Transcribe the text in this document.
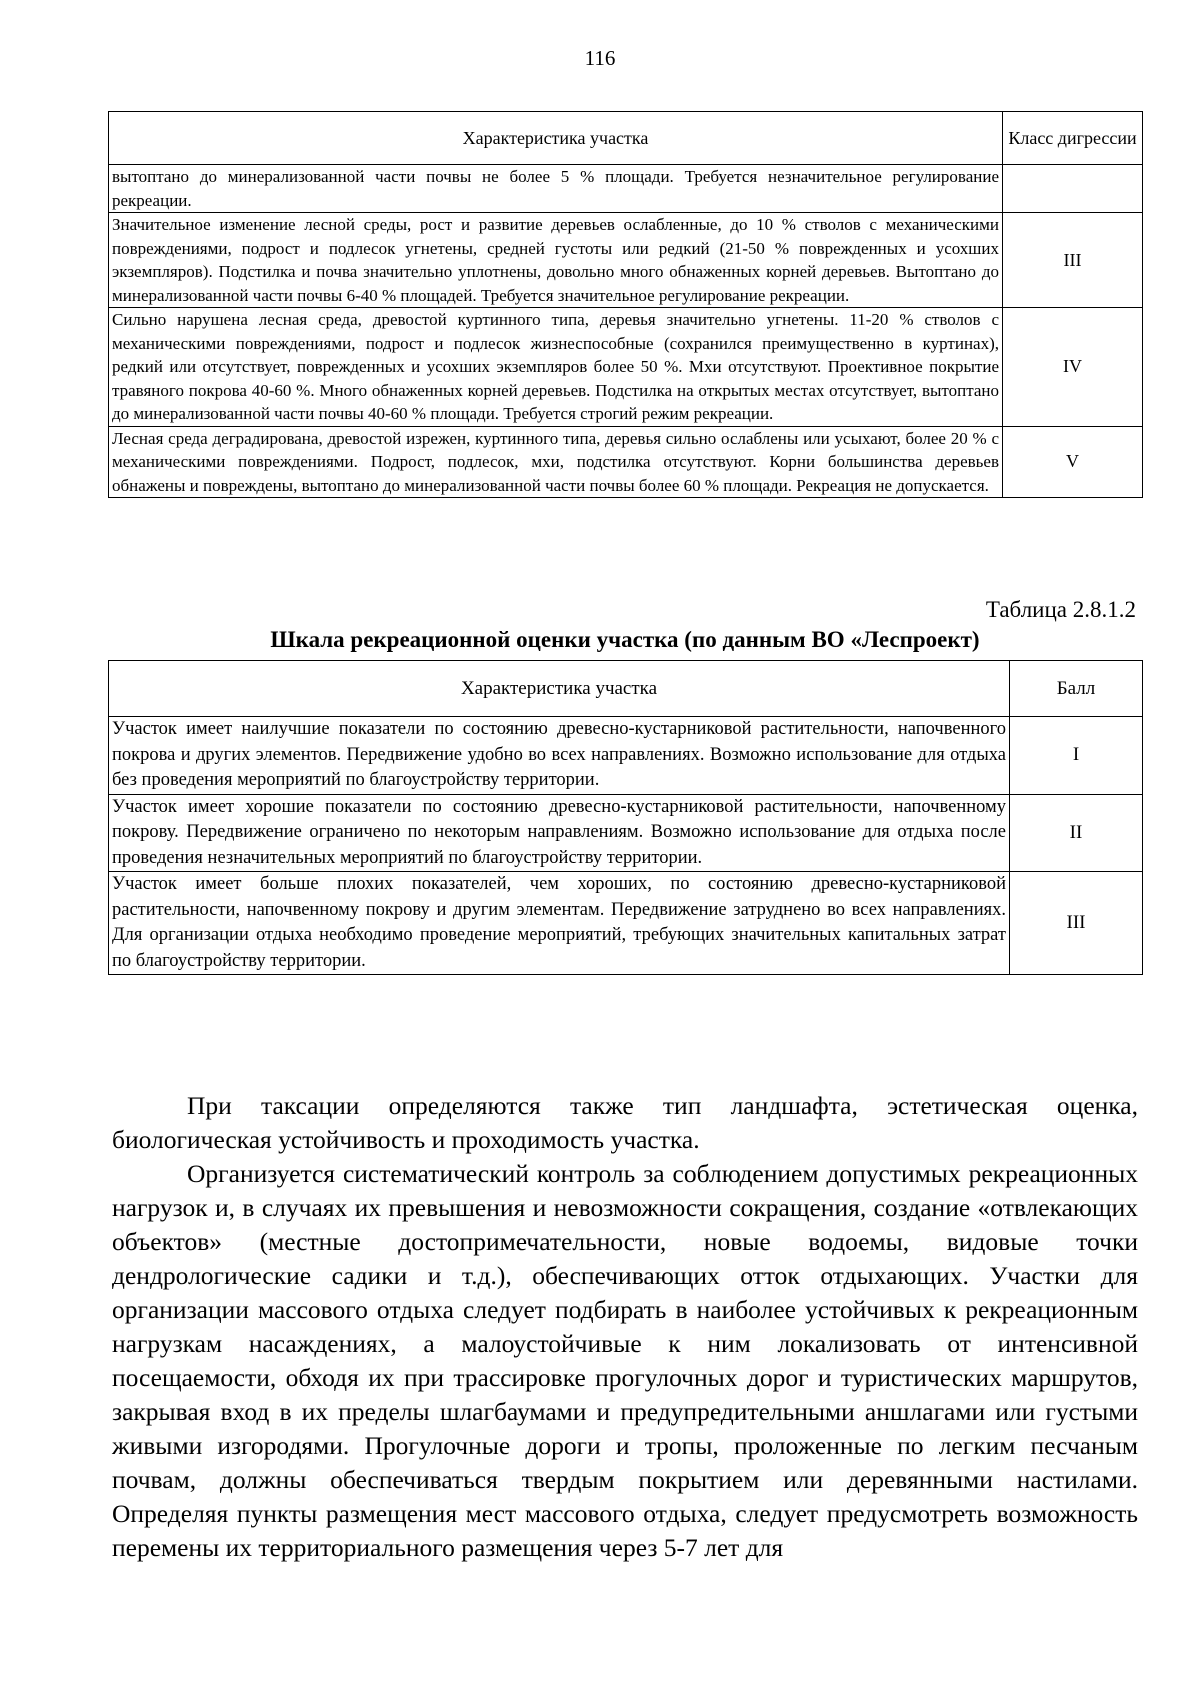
116
Характеристика участка	Класс дигрессии
вытоптано до минерализованной части почвы не более 5 % площади. Требуется незначительное регулирование рекреации.	
Значительное изменение лесной среды, рост и развитие деревьев ослабленные, до 10 % стволов с механическими повреждениями, подрост и подлесок угнетены, средней густоты или редкий (21-50 % поврежденных и усохших экземпляров). Подстилка и почва значительно уплотнены, довольно много обнаженных корней деревьев. Вытоптано до минерализованной части почвы 6-40 % площадей. Требуется значительное регулирование рекреации.	III
Сильно нарушена лесная среда, древостой куртинного типа, деревья значительно угнетены. 11-20 % стволов с механическими повреждениями, подрост и подлесок жизнеспособные (сохранился преимущественно в куртинах), редкий или отсутствует, поврежденных и усохших экземпляров более 50 %. Мхи отсутствуют. Проективное покрытие травяного покрова 40-60 %. Много обнаженных корней деревьев. Подстилка на открытых местах отсутствует, вытоптано до минерализованной части почвы 40-60 % площади. Требуется строгий режим рекреации.	IV
Лесная среда деградирована, древостой изрежен, куртинного типа, деревья сильно ослаблены или усыхают, более 20 % с механическими повреждениями. Подрост, подлесок, мхи, подстилка отсутствуют. Корни большинства деревьев обнажены и повреждены, вытоптано до минерализованной части почвы более 60 % площади. Рекреация не допускается.	V
Таблица 2.8.1.2
Шкала рекреационной оценки участка (по данным ВО «Леспроект)
Характеристика участка	Балл
Участок имеет наилучшие показатели по состоянию древесно-кустарниковой растительности, напочвенного покрова и других элементов. Передвижение удобно во всех направлениях. Возможно использование для отдыха без проведения мероприятий по благоустройству территории.	I
Участок имеет хорошие показатели по состоянию древесно-кустарниковой растительности, напочвенному покрову. Передвижение ограничено по некоторым направлениям. Возможно использование для отдыха после проведения незначительных мероприятий по благоустройству территории.	II
Участок имеет больше плохих показателей, чем хороших, по состоянию древесно-кустарниковой растительности, напочвенному покрову и другим элементам. Передвижение затруднено во всех направлениях. Для организации отдыха необходимо проведение мероприятий, требующих значительных капитальных затрат по благоустройству территории.	III

При таксации определяются также тип ландшафта, эстетическая оценка, биологическая устойчивость и проходимость участка.

Организуется систематический контроль за соблюдением допустимых рекреационных нагрузок и, в случаях их превышения и невозможности сокращения, создание «отвлекающих объектов» (местные достопримечательности, новые водоемы, видовые точки дендрологические садики и т.д.), обеспечивающих отток отдыхающих. Участки для организации массового отдыха следует подбирать в наиболее устойчивых к рекреационным нагрузкам насаждениях, а малоустойчивые к ним локализовать от интенсивной посещаемости, обходя их при трассировке прогулочных дорог и туристических маршрутов, закрывая вход в их пределы шлагбаумами и предупредительными аншлагами или густыми живыми изгородями. Прогулочные дороги и тропы, проложенные по легким песчаным почвам, должны обеспечиваться твердым покрытием или деревянными настилами. Определяя пункты размещения мест массового отдыха, следует предусмотреть возможность перемены их территориального размещения через 5-7 лет для
